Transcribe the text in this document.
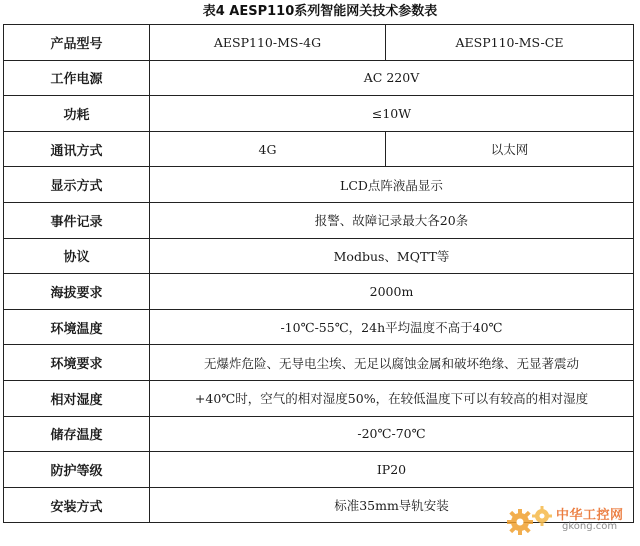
表4 AESP110系列智能网关技术参数表
产品型号	AESP110-MS-4G	AESP110-MS-CE
工作电源	AC 220V	
功耗	≤10W	
通讯方式	4G	以太网
显示方式	LCD点阵液晶显示	
事件记录	报警、故障记录最大各20条	
协议	Modbus、MQTT等	
海拔要求	2000m	
环境温度	-10℃-55℃，24h平均温度不高于40℃	
环境要求	无爆炸危险、无导电尘埃、无足以腐蚀金属和破坏绝缘、无显著震动	
相对湿度	+40℃时，空气的相对湿度50%，在较低温度下可以有较高的相对湿度	
储存温度	-20℃-70℃	
防护等级	IP20	
安装方式	标准35mm导轨安装	
中华工控网
gkong.com
